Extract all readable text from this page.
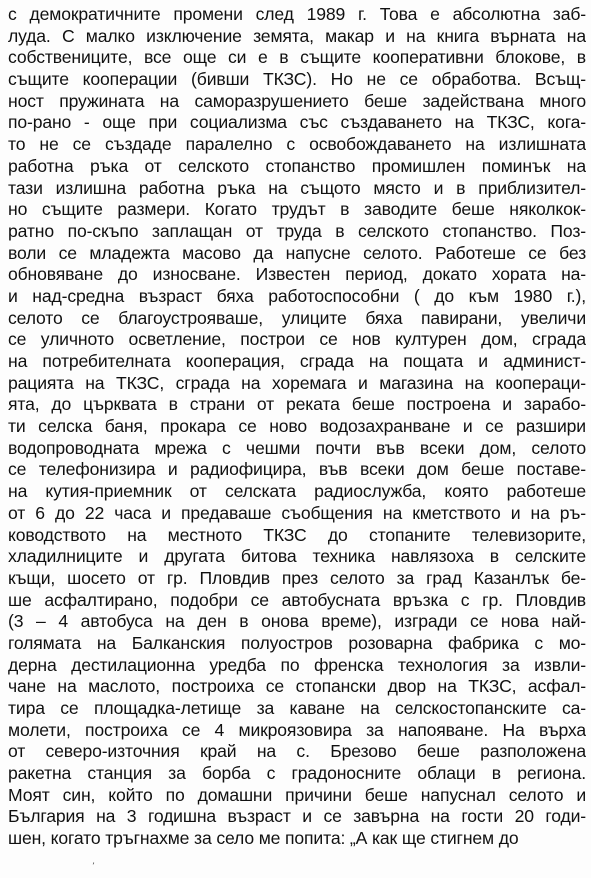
с демократичните промени след 1989 г. Това е абсолютна заб-
луда. С малко изключение земята, макар и на книга върната на
собствениците, все още си е в същите кооперативни блокове, в
същите кооперации (бивши ТКЗС). Но не се обработва. Всъщ-
ност пружината на саморазрушението беше задействана много
по-рано - още при социализма със създаването на ТКЗС, кога-
то не се създаде паралелно с освобождаването на излишната
работна ръка от селското стопанство промишлен поминък на
тази излишна работна ръка на същото място и в приблизител-
но същите размери. Когато трудът в заводите беше няколкок-
ратно по-скъпо заплащан от труда в селското стопанство. Поз-
воли се младежта масово да напусне селото. Работеше се без
обновяване до износване. Известен период, докато хората на-
и над-средна възраст бяха работоспособни ( до към 1980 г.),
селото се благоустрояваше, улиците бяха павирани, увеличи
се уличното осветление, построи се нов културен дом, сграда
на потребителната кооперация, сграда на пощата и админист-
рацията на ТКЗС, сграда на хоремага и магазина на коопераци-
ята, до църквата в страни от реката беше построена и зарабо-
ти селска баня, прокара се ново водозахранване и се разшири
водопроводната мрежа с чешми почти във всеки дом, селото
се телефонизира и радиофицира, във всеки дом беше поставе-
на кутия-приемник от селската радиослужба, която работеше
от 6 до 22 часа и предаваше съобщения на кметството и на ръ-
ководството на местното ТКЗС до стопаните телевизорите,
хладилниците и другата битова техника навлязоха в селските
къщи, шосето от гр. Пловдив през селото за град Казанлък бе-
ше асфалтирано, подобри се автобусната връзка с гр. Пловдив
(3 – 4 автобуса на ден в онова време), изгради се нова най-
голямата на Балканския полуостров розоварна фабрика с мо-
дерна дестилационна уредба по френска технология за извли-
чане на маслото, построиха се стопански двор на ТКЗС, асфал-
тира се площадка-летище за каване на селскостопанските са-
молети, построиха се 4 микроязовира за напояване. На върха
от северо-източния край на с. Брезово беше разположена
ракетна станция за борба с градоносните облаци в региона.
Моят син, който по домашни причини беше напуснал селото и
България на 3 годишна възраст и се завърна на гости 20 годи-
шен, когато тръгнахме за село ме попита: „А как ще стигнем до
ʼ
